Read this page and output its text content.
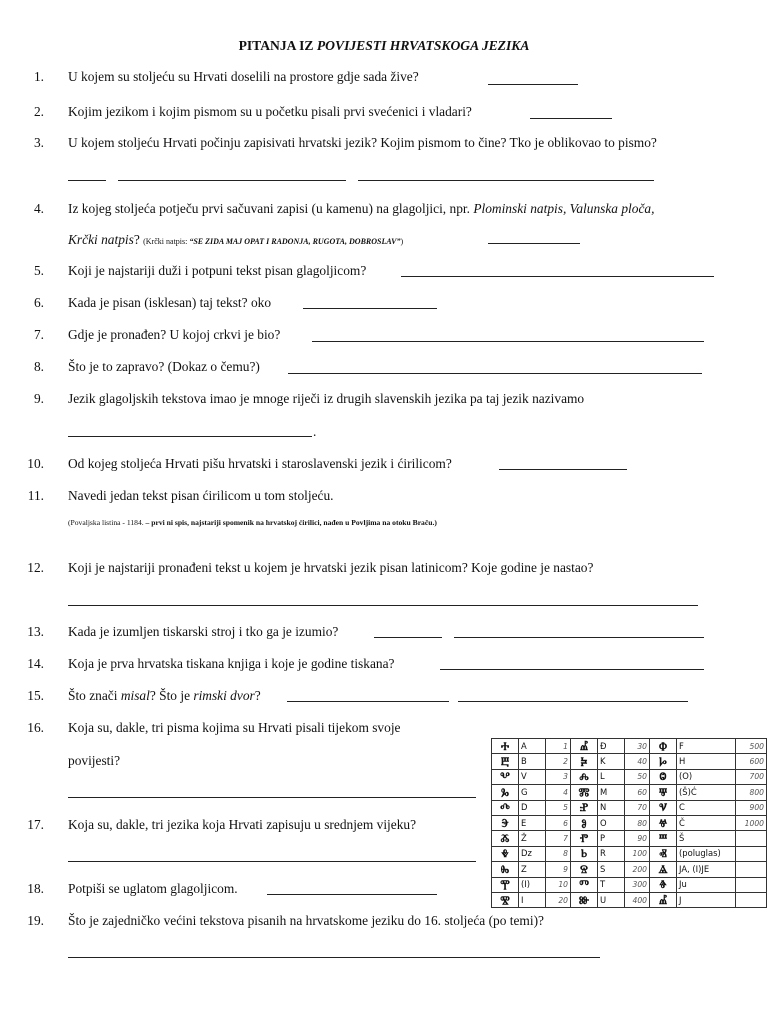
PITANJA IZ POVIJESTI HRVATSKOGA JEZIKA
1. U kojem su stoljeću su Hrvati doselili na prostore gdje sada žive?
2. Kojim jezikom i kojim pismom su u početku pisali prvi svećenici i vladari?
3. U kojem stoljeću Hrvati počinju zapisivati hrvatski jezik? Kojim pismom to čine? Tko je oblikovao to pismo?
4. Iz kojeg stoljeća potječu prvi sačuvani zapisi (u kamenu) na glagoljici, npr. Plominski natpis, Valunska ploča,
Krčki natpis? (Krčki natpis: “SE ZIDA MAJ OPAT I RADONJA, RUGOTA, DOBROSLAV”)
5. Koji je najstariji duži i potpuni tekst pisan glagoljicom?
6. Kada je pisan (isklesan) taj tekst? oko
7. Gdje je pronađen? U kojoj crkvi je bio?
8. Što je to zapravo? (Dokaz o čemu?)
9. Jezik glagoljskih tekstova imao je mnoge riječi iz drugih slavenskih jezika pa taj jezik nazivamo
.
10. Od kojeg stoljeća Hrvati pišu hrvatski i staroslavenski jezik i ćirilicom?
11. Navedi jedan tekst pisan ćirilicom u tom stoljeću.
(Povaljska listina - 1184. – prvi ni spis, najstariji spomenik na hrvatskoj ćirilici, nađen u Povljima na otoku Braču.)
12. Koji je najstariji pronađeni tekst u kojem je hrvatski jezik pisan latinicom? Koje godine je nastao?
13. Kada je izumljen tiskarski stroj i tko ga je izumio?
14. Koja je prva hrvatska tiskana knjiga i koje je godine tiskana?
15. Što znači misal? Što je rimski dvor?
16. Koja su, dakle, tri pisma kojima su Hrvati pisali tijekom svoje
povijesti?
17. Koja su, dakle, tri jezika koja Hrvati zapisuju u srednjem vijeku?
18. Potpiši se uglatom glagoljicom.
19. Što je zajedničko većini tekstova pisanih na hrvatskome jeziku do 16. stoljeća (po temi)?
Ⰰ	A	1	Ⰼ	Đ	30	Ⱇ	F	500
Ⰱ	B	2	Ⰽ	K	40	Ⱈ	H	600
Ⰲ	V	3	Ⰾ	L	50	Ⱉ	(O)	700
Ⰳ	G	4	Ⰿ	M	60	Ⱋ	(Š)Ć	800
Ⰴ	D	5	Ⱀ	N	70	Ⱌ	C	900
Ⰵ	E	6	Ⱁ	O	80	Ⱍ	Č	1000
Ⰶ	Ž	7	Ⱂ	P	90	Ⱎ	Š	
Ⰷ	Dz	8	Ⱃ	R	100	Ⱏ	(poluglas)	
Ⰸ	Z	9	Ⱄ	S	200	Ⱑ	JA, (I)JE	
Ⰹ	(I)	10	Ⱅ	T	300	Ⱖ	Ju	
Ⰺ	I	20	Ⱆ	U	400	Ⰼ	J	
